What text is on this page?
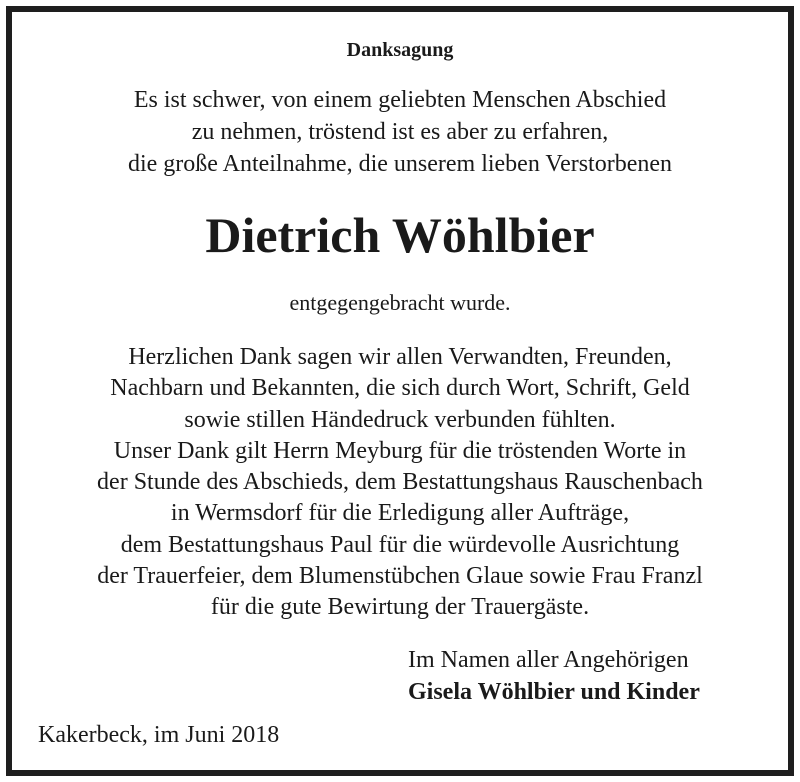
Danksagung
Es ist schwer, von einem geliebten Menschen Abschied
zu nehmen, tröstend ist es aber zu erfahren,
die große Anteilnahme, die unserem lieben Verstorbenen
Dietrich Wöhlbier
entgegengebracht wurde.
Herzlichen Dank sagen wir allen Verwandten, Freunden,
Nachbarn und Bekannten, die sich durch Wort, Schrift, Geld
sowie stillen Händedruck verbunden fühlten.
Unser Dank gilt Herrn Meyburg für die tröstenden Worte in
der Stunde des Abschieds, dem Bestattungshaus Rauschenbach
in Wermsdorf für die Erledigung aller Aufträge,
dem Bestattungshaus Paul für die würdevolle Ausrichtung
der Trauerfeier, dem Blumenstübchen Glaue sowie Frau Franzl
für die gute Bewirtung der Trauergäste.
Im Namen aller Angehörigen
Gisela Wöhlbier und Kinder
Kakerbeck, im Juni 2018
